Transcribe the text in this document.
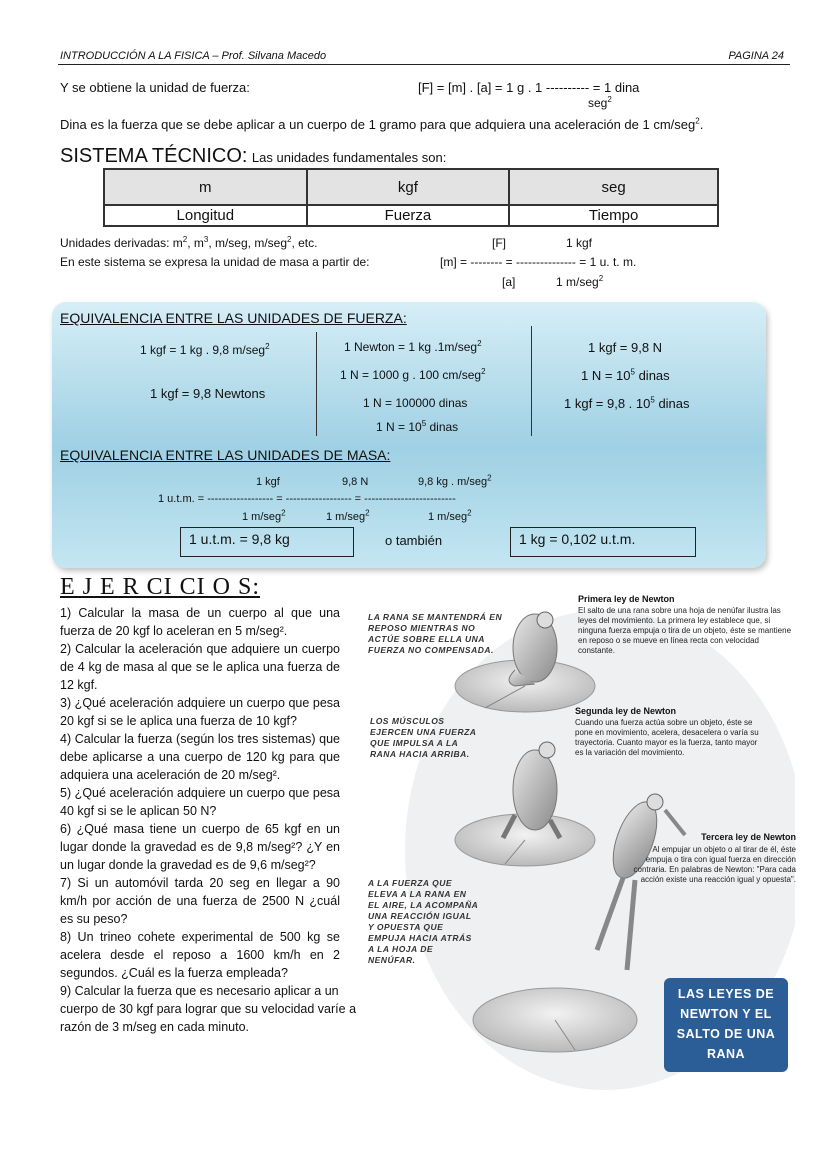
INTRODUCCIÓN A LA FISICA – Prof. Silvana Macedo	PAGINA 24
Y se obtiene la unidad de fuerza:	[F] = [m] . [a] = 1 g . 1 ---------- = 1 dina
seg$^2$
Dina es la fuerza que se debe aplicar a un cuerpo de 1 gramo para que adquiera una aceleración de 1 cm/seg$^2$.
SISTEMA TÉCNICO: Las unidades fundamentales son:
m	kgf	seg
Longitud	Fuerza	Tiempo
Unidades derivadas: $m^2$, $m^3$, m/seg, m/seg$^2$, etc.	[F]	1 kgf
En este sistema se expresa la unidad de masa a partir de:	[m] = -------- = --------------- = 1 u. t. m.
[a]	1 m/seg$^2$
EQUIVALENCIA ENTRE LAS UNIDADES DE FUERZA:
1 kgf = 1 kg . 9,8 m/seg$^2$
1 kgf = 9,8 Newtons
1 Newton = 1 kg .1m/seg$^2$
1 N = 1000 g . 100 cm/seg$^2$
1 N = 100000 dinas
1 $N = 10^5$ dinas
1 kgf = 9,8 N
1 $N = 10^5$ dinas
1 kgf = 9,8 . $10^5$ dinas
EQUIVALENCIA ENTRE LAS UNIDADES DE MASA:
1 kgf	9,8 N	9,8 kg . m/seg$^2$
1 u.t.m. = ------------------ = ------------------ = -------------------------
1 m/seg$^2$	1 m/seg$^2$	1 m/seg$^2$
1 u.t.m. = 9,8 kg	o también	1 kg = 0,102 u.t.m.
E J E R CI CI O S:
1) Calcular la masa de un cuerpo al que una fuerza de 20 kgf lo aceleran en 5 m/seg².
2) Calcular la aceleración que adquiere un cuerpo de 4 kg de masa al que se le aplica una fuerza de 12 kgf.
3) ¿Qué aceleración adquiere un cuerpo que pesa 20 kgf si se le aplica una fuerza de 10 kgf?
4) Calcular la fuerza (según los tres sistemas) que debe aplicarse a una cuerpo de 120 kg para que adquiera una aceleración de 20 m/seg².
5) ¿Qué aceleración adquiere un cuerpo que pesa 40 kgf si se le aplican 50 N?
6) ¿Qué masa tiene un cuerpo de 65 kgf en un lugar donde la gravedad es de 9,8 m/seg²? ¿Y en un lugar donde la gravedad es de 9,6 m/seg²?
7) Si un automóvil tarda 20 seg en llegar a 90 km/h por acción de una fuerza de 2500 N ¿cuál es su peso?
8) Un trineo cohete experimental de 500 kg se acelera desde el reposo a 1600 km/h en 2 segundos. ¿Cuál es la fuerza empleada?
9) Calcular la fuerza que es necesario aplicar a un cuerpo de 30 kgf para lograr que su velocidad varíe a razón de 3 m/seg en cada minuto.
LA RANA SE MANTENDRÁ EN REPOSO MIENTRAS NO ACTÚE SOBRE ELLA UNA FUERZA NO COMPENSADA.
LOS MÚSCULOS EJERCEN UNA FUERZA QUE IMPULSA A LA RANA HACIA ARRIBA.
A LA FUERZA QUE ELEVA A LA RANA EN EL AIRE, LA ACOMPAÑA UNA REACCIÓN IGUAL Y OPUESTA QUE EMPUJA HACIA ATRÁS A LA HOJA DE NENÚFAR.
Primera ley de Newton
El salto de una rana sobre una hoja de nenúfar ilustra las leyes del movimiento. La primera ley establece que, si ninguna fuerza empuja o tira de un objeto, éste se mantiene en reposo o se mueve en línea recta con velocidad constante.
Segunda ley de Newton
Cuando una fuerza actúa sobre un objeto, éste se pone en movimiento, acelera, desacelera o varía su trayectoria. Cuanto mayor es la fuerza, tanto mayor es la variación del movimiento.
Tercera ley de Newton
Al empujar un objeto o al tirar de él, éste empuja o tira con igual fuerza en dirección contraria. En palabras de Newton: "Para cada acción existe una reacción igual y opuesta".
LAS LEYES DE NEWTON Y EL SALTO DE UNA RANA
